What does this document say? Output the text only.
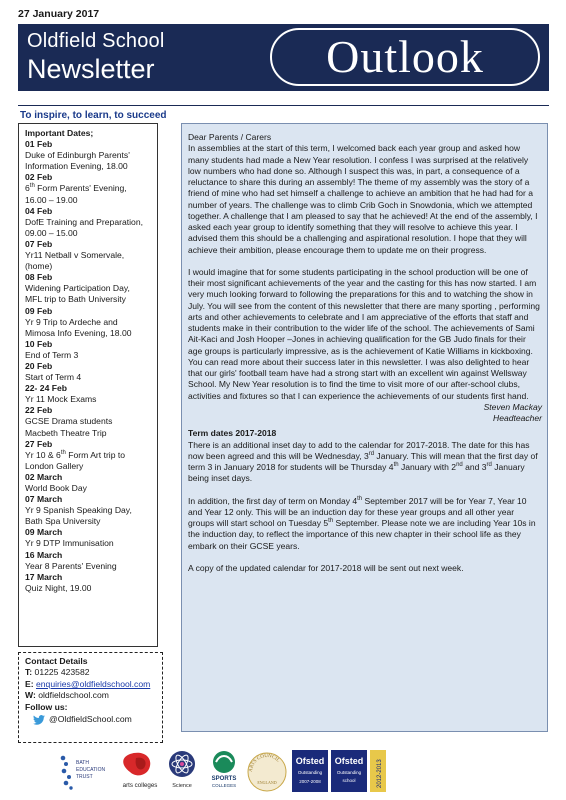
27 January 2017
Oldfield School
Newsletter	Outlook
To inspire, to learn, to succeed
Important Dates;
01 Feb
Duke of Edinburgh Parents'
Information Evening, 18.00
02 Feb
6th Form Parents' Evening,
16.00 – 19.00
04 Feb
DofE Training and Preparation,
09.00 – 15.00
07 Feb
Yr11 Netball v Somervale,
(home)
08 Feb
Widening Participation Day,
MFL trip to Bath University
09 Feb
Yr 9 Trip to Ardeche and
Mimosa Info Evening, 18.00
10 Feb
End of Term 3
20 Feb
Start of Term 4
22- 24 Feb
Yr 11 Mock Exams
22 Feb
GCSE Drama students
Macbeth Theatre Trip
27 Feb
Yr 10 & 6th Form Art trip to
London Gallery
02 March
World Book Day
07 March
Yr 9 Spanish Speaking Day,
Bath Spa University
09 March
Yr 9 DTP Immunisation
16 March
Year 8 Parents' Evening
17 March
Quiz Night, 19.00
Contact Details
T: 01225 423582
E: enquiries@oldfieldschool.com
W: oldfieldschool.com
Follow us:
@OldfieldSchool.com

Dear Parents / Carers

In assemblies at the start of this term, I welcomed back each year group and asked how many students had made a New Year resolution. I confess I was surprised at the relatively low numbers who had done so. Although I suspect this was, in part, a consequence of a reluctance to share this during an assembly! The theme of my assembly was the story of a friend of mine who had set himself a challenge to achieve an ambition that he had had for a number of years. The challenge was to climb Crib Goch in Snowdonia, which we attempted together. A challenge that I am pleased to say that he achieved! At the end of the assembly, I asked each year group to identify something that they will resolve to achieve this year. I advised them this should be a challenging and aspirational resolution. I hope that they will achieve their ambition, please encourage them to update me on their progress.

I would imagine that for some students participating in the school production will be one of their most significant achievements of the year and the casting for this has now started. I am very much looking forward to following the preparations for this and to watching the show in July. You will see from the content of this newsletter that there are many sporting , performing arts and other achievements to celebrate and I am appreciative of the efforts that staff and students make in their contribution to the wider life of the school. The achievements of Sami Ait-Kaci and Josh Hooper –Jones in achieving qualification for the GB Judo finals for their age groups is particularly impressive, as is the achievement of Katie Williams in kickboxing. You can read more about their success later in this newsletter. I was also delighted to hear that our girls' football team have had a strong start with an excellent win against Wellsway School. My New Year resolution is to find the time to visit more of our after-school clubs, activities and fixtures so that I can experience the achievements of our students first hand.

Steven Mackay

Headteacher

Term dates 2017-2018

There is an additional inset day to add to the calendar for 2017-2018. The date for this has now been agreed and this will be Wednesday, 3rd January. This will mean that the first day of term 3 in January 2018 for students will be Thursday 4th January with 2nd and 3rd January being inset days.

In addition, the first day of term on Monday 4th September 2017 will be for Year 7, Year 10 and Year 12 only. This will be an induction day for these year groups and all other year groups will start school on Tuesday 5th September. Please note we are including Year 10s in the induction day, to reflect the importance of this new chapter in their school life as they embark on their GCSE years.

A copy of the updated calendar for 2017-2018 will be sent out next week.

BATH
EDUCATION
TRUST
arts colleges	Science
SPORTS
COLLEGES
ARTS COUNCIL
ENGLAND
Ofsted
Outstanding
2007-2008
Ofsted
Outstanding
school	2012-2013
